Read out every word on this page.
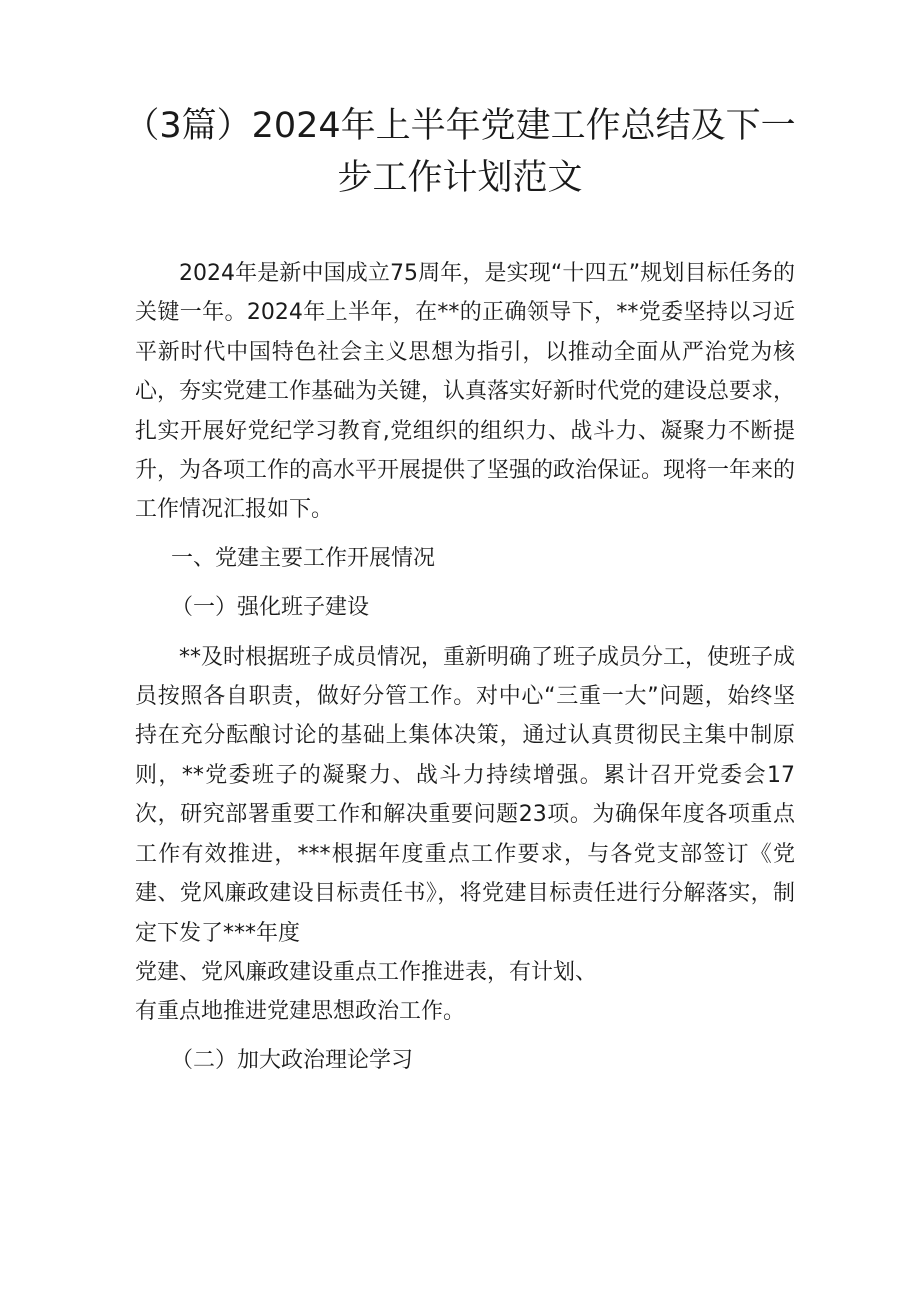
（3篇）2024年上半年党建工作总结及下一
步工作计划范文

2024年是新中国成立75周年，是实现“十四五”规划目标任务的关键一年。2024年上半年，在**的正确领导下，**党委坚持以习近平新时代中国特色社会主义思想为指引，以推动全面从严治党为核心，夯实党建工作基础为关键，认真落实好新时代党的建设总要求，扎实开展好党纪学习教育,党组织的组织力、战斗力、凝聚力不断提升，为各项工作的高水平开展提供了坚强的政治保证。现将一年来的工作情况汇报如下。

一、党建主要工作开展情况

（一）强化班子建设

**及时根据班子成员情况，重新明确了班子成员分工，使班子成员按照各自职责，做好分管工作。对中心“三重一大”问题，始终坚持在充分酝酿讨论的基础上集体决策，通过认真贯彻民主集中制原则，**党委班子的凝聚力、战斗力持续增强。累计召开党委会17次，研究部署重要工作和解决重要问题23项。为确保年度各项重点工作有效推进，***根据年度重点工作要求，与各党支部签订《党建、党风廉政建设目标责任书》，将党建目标责任进行分解落实，制定下发了***年度

党建、党风廉政建设重点工作推进表，有计划、

有重点地推进党建思想政治工作。

（二）加大政治理论学习
